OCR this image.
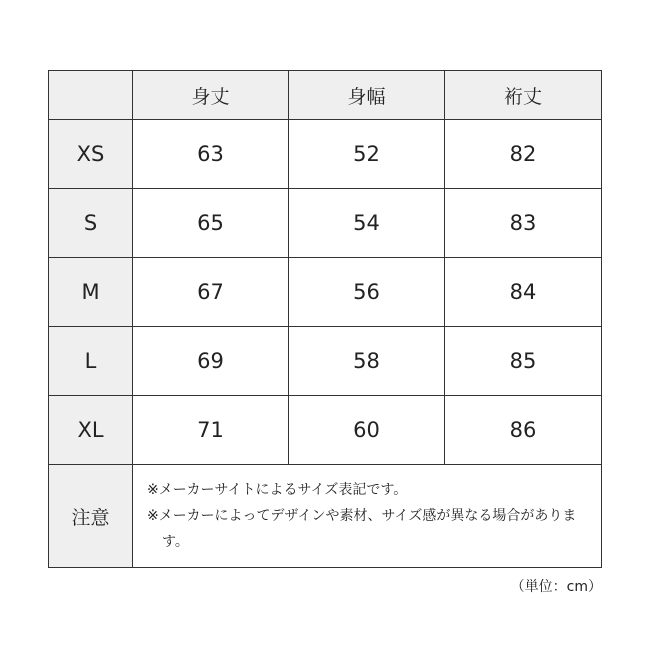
	身丈	身幅	裄丈
XS	63	52	82
S	65	54	83
M	67	56	84
L	69	58	85
XL	71	60	86
注意	※メーカーサイトによるサイズ表記です。
※メーカーによってデザインや素材、サイズ感が異なる場合があります。		
（単位：cm）
